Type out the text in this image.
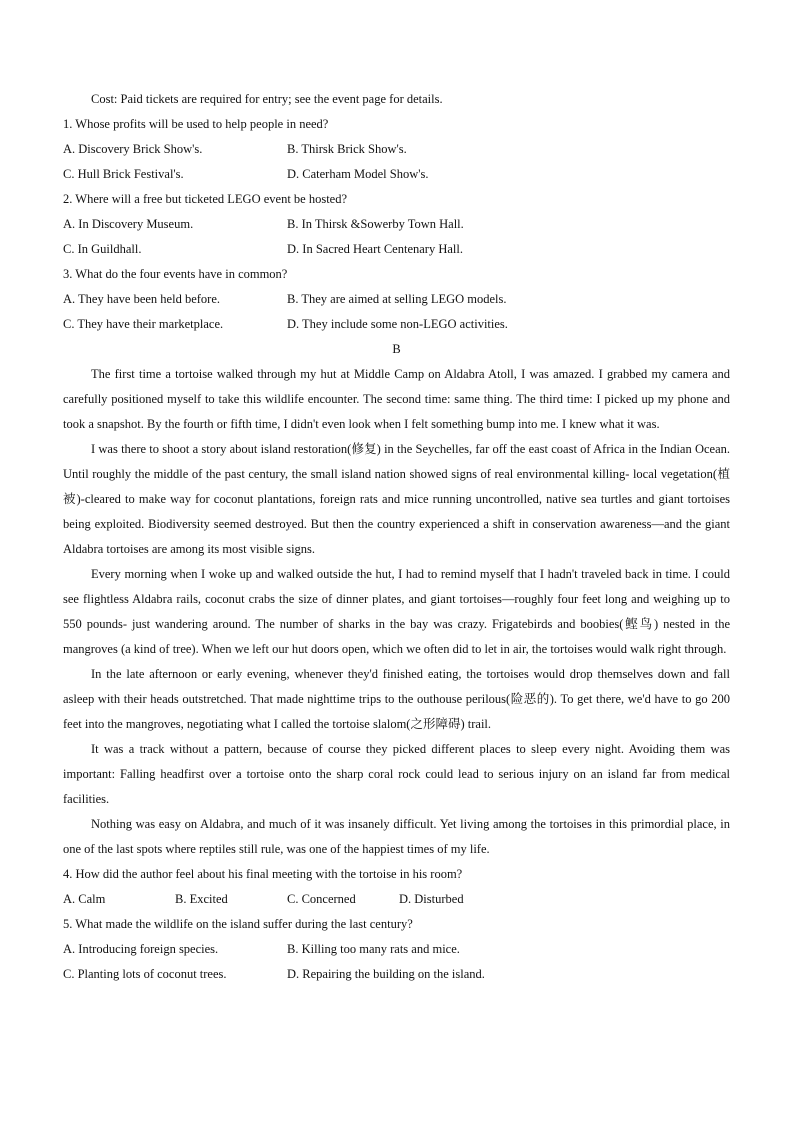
Cost: Paid tickets are required for entry; see the event page for details.
1. Whose profits will be used to help people in need?
A. Discovery Brick Show's.	B. Thirsk Brick Show's.
C. Hull Brick Festival's.	D. Caterham Model Show's.
2. Where will a free but ticketed LEGO event be hosted?
A. In Discovery Museum.	B. In Thirsk &Sowerby Town Hall.
C. In Guildhall.	D. In Sacred Heart Centenary Hall.
3. What do the four events have in common?
A. They have been held before.	B. They are aimed at selling LEGO models.
C. They have their marketplace.	D. They include some non-LEGO activities.
B

The first time a tortoise walked through my hut at Middle Camp on Aldabra Atoll, I was amazed. I grabbed my camera and carefully positioned myself to take this wildlife encounter. The second time: same thing. The third time: I picked up my phone and took a snapshot. By the fourth or fifth time, I didn't even look when I felt something bump into me. I knew what it was.

I was there to shoot a story about island restoration(修复) in the Seychelles, far off the east coast of Africa in the Indian Ocean. Until roughly the middle of the past century, the small island nation showed signs of real environmental killing- local vegetation(植被)-cleared to make way for coconut plantations, foreign rats and mice running uncontrolled, native sea turtles and giant tortoises being exploited. Biodiversity seemed destroyed. But then the country experienced a shift in conservation awareness—and the giant Aldabra tortoises are among its most visible signs.

Every morning when I woke up and walked outside the hut, I had to remind myself that I hadn't traveled back in time. I could see flightless Aldabra rails, coconut crabs the size of dinner plates, and giant tortoises—roughly four feet long and weighing up to 550 pounds- just wandering around. The number of sharks in the bay was crazy. Frigatebirds and boobies(鲣鸟) nested in the mangroves (a kind of tree). When we left our hut doors open, which we often did to let in air, the tortoises would walk right through.

In the late afternoon or early evening, whenever they'd finished eating, the tortoises would drop themselves down and fall asleep with their heads outstretched. That made nighttime trips to the outhouse perilous(险恶的). To get there, we'd have to go 200 feet into the mangroves, negotiating what I called the tortoise slalom(之形障碍) trail.

It was a track without a pattern, because of course they picked different places to sleep every night. Avoiding them was important: Falling headfirst over a tortoise onto the sharp coral rock could lead to serious injury on an island far from medical facilities.

Nothing was easy on Aldabra, and much of it was insanely difficult. Yet living among the tortoises in this primordial place, in one of the last spots where reptiles still rule, was one of the happiest times of my life.

4. How did the author feel about his final meeting with the tortoise in his room?
A. Calm	B. Excited	C. Concerned	D. Disturbed
5. What made the wildlife on the island suffer during the last century?
A. Introducing foreign species.	B. Killing too many rats and mice.
C. Planting lots of coconut trees.	D. Repairing the building on the island.
